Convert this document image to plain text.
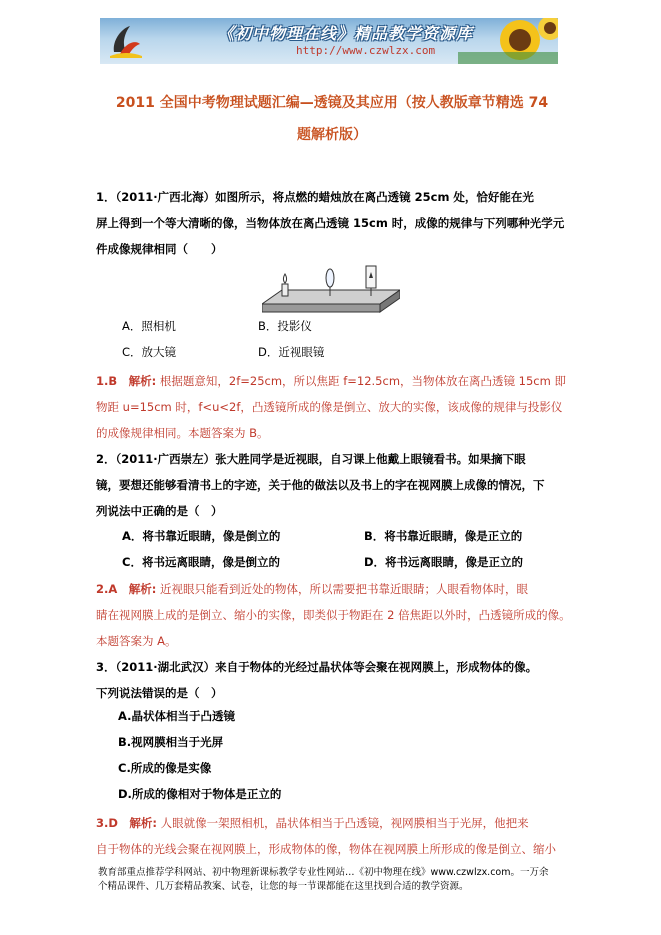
《初中物理在线》精品教学资源库
http://www.czwlzx.com
2011 全国中考物理试题汇编—透镜及其应用（按人教版章节精选 74
题解析版）
1．（2011·广西北海）如图所示，将点燃的蜡烛放在离凸透镜 25cm 处，恰好能在光
屏上得到一个等大清晰的像，当物体放在离凸透镜 15cm 时，成像的规律与下列哪种光学元
件成像规律相同（　　）
A．照相机	B．投影仪
C．放大镜	D．近视眼镜
1.B　解析: 根据题意知，2f=25cm，所以焦距 f=12.5cm，当物体放在离凸透镜 15cm 即
物距 u=15cm 时，f<u<2f，凸透镜所成的像是倒立、放大的实像，该成像的规律与投影仪
的成像规律相同。本题答案为 B。
2．（2011·广西崇左）张大胜同学是近视眼，自习课上他戴上眼镜看书。如果摘下眼
镜，要想还能够看清书上的字迹，关于他的做法以及书上的字在视网膜上成像的情况，下
列说法中正确的是（　）
A．将书靠近眼睛，像是倒立的	B．将书靠近眼睛，像是正立的
C．将书远离眼睛，像是倒立的	D．将书远离眼睛，像是正立的
2.A　解析: 近视眼只能看到近处的物体，所以需要把书靠近眼睛；人眼看物体时，眼
睛在视网膜上成的是倒立、缩小的实像，即类似于物距在 2 倍焦距以外时，凸透镜所成的像。
本题答案为 A。
3．（2011·湖北武汉）来自于物体的光经过晶状体等会聚在视网膜上，形成物体的像。
下列说法错误的是（　）
A.晶状体相当于凸透镜
B.视网膜相当于光屏
C.所成的像是实像
D.所成的像相对于物体是正立的
3.D　解析: 人眼就像一架照相机，晶状体相当于凸透镜，视网膜相当于光屏，他把来
自于物体的光线会聚在视网膜上，形成物体的像，物体在视网膜上所形成的像是倒立、缩小
教育部重点推荐学科网站、初中物理新课标教学专业性网站…《初中物理在线》www.czwlzx.com。一万余
个精品课件、几万套精品教案、试卷，让您的每一节课都能在这里找到合适的教学资源。
